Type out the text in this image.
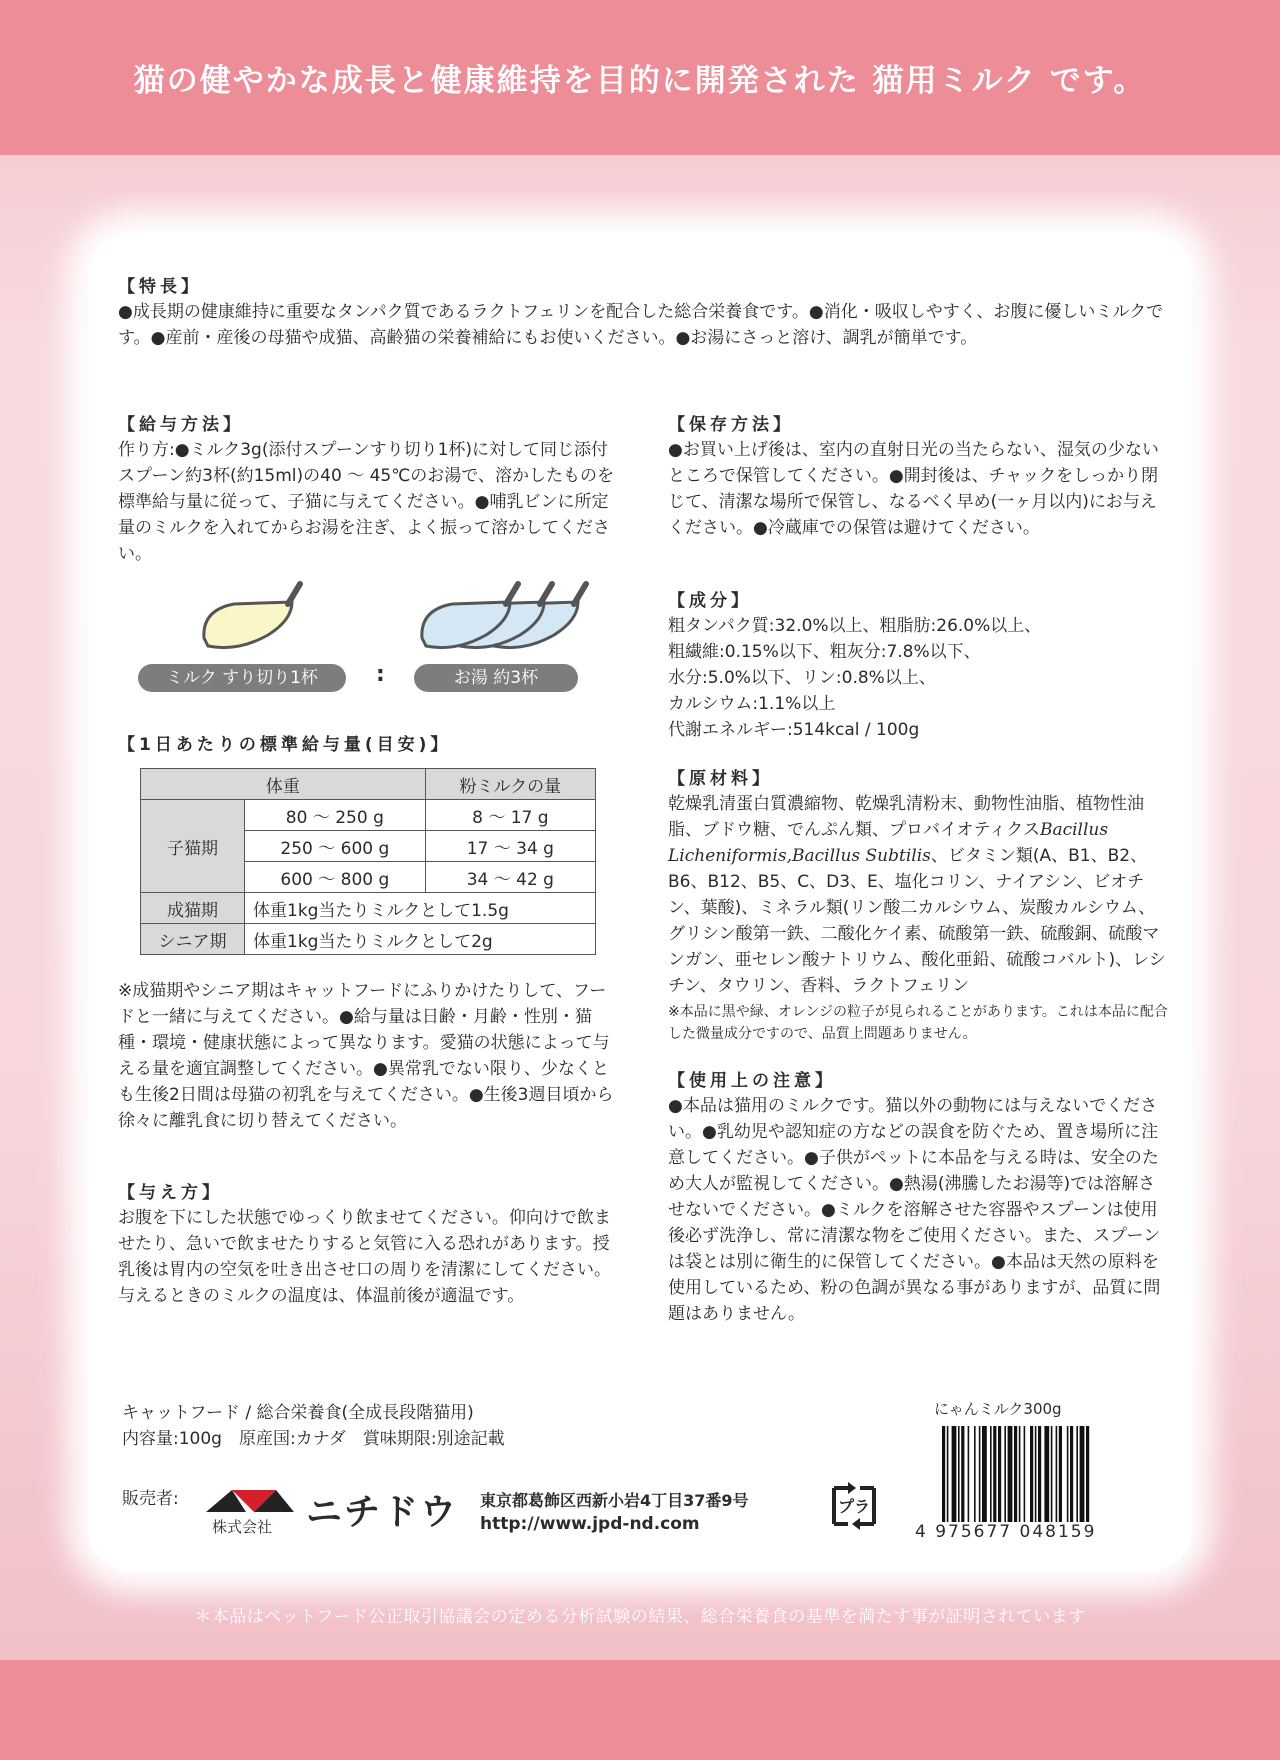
猫の健やかな成長と健康維持を目的に開発された 猫用ミルク です。
【特長】
●成長期の健康維持に重要なタンパク質であるラクトフェリンを配合した総合栄養食です。●消化・吸収しやすく、お腹に優しいミルクです。●産前・産後の母猫や成猫、高齢猫の栄養補給にもお使いください。●お湯にさっと溶け、調乳が簡単です。
【給与方法】
作り方:●ミルク3g(添付スプーンすり切り1杯)に対して同じ添付スプーン約3杯(約15ml)の40 ～ 45℃のお湯で、溶かしたものを標準給与量に従って、子猫に与えてください。●哺乳ビンに所定量のミルクを入れてからお湯を注ぎ、よく振って溶かしてください。
ミルク すり切り1杯	:	お湯 約3杯
【1日あたりの標準給与量(目安)】
体重		粉ミルクの量
子猫期	80 ～ 250 g	8 ～ 17 g
	250 ～ 600 g	17 ～ 34 g
	600 ～ 800 g	34 ～ 42 g
成猫期	体重1kg当たりミルクとして1.5g	
シニア期	体重1kg当たりミルクとして2g	
※成猫期やシニア期はキャットフードにふりかけたりして、フードと一緒に与えてください。●給与量は日齢・月齢・性別・猫種・環境・健康状態によって異なります。愛猫の状態によって与える量を適宜調整してください。●異常乳でない限り、少なくとも生後2日間は母猫の初乳を与えてください。●生後3週目頃から徐々に離乳食に切り替えてください。
【与え方】
お腹を下にした状態でゆっくり飲ませてください。仰向けで飲ませたり、急いで飲ませたりすると気管に入る恐れがあります。授乳後は胃内の空気を吐き出させ口の周りを清潔にしてください。与えるときのミルクの温度は、体温前後が適温です。
【保存方法】
●お買い上げ後は、室内の直射日光の当たらない、湿気の少ないところで保管してください。●開封後は、チャックをしっかり閉じて、清潔な場所で保管し、なるべく早め(一ヶ月以内)にお与えください。●冷蔵庫での保管は避けてください。
【成分】
粗タンパク質:32.0%以上、粗脂肪:26.0%以上、
粗繊維:0.15%以下、粗灰分:7.8%以下、
水分:5.0%以下、リン:0.8%以上、
カルシウム:1.1%以上
代謝エネルギー:514kcal / 100g
【原材料】
乾燥乳清蛋白質濃縮物、乾燥乳清粉末、動物性油脂、植物性油脂、ブドウ糖、でんぷん類、プロバイオティクスBacillus Licheniformis,Bacillus Subtilis、ビタミン類(A、B1、B2、B6、B12、B5、C、D3、E、塩化コリン、ナイアシン、ビオチン、葉酸)、ミネラル類(リン酸二カルシウム、炭酸カルシウム、グリシン酸第一鉄、二酸化ケイ素、硫酸第一鉄、硫酸銅、硫酸マンガン、亜セレン酸ナトリウム、酸化亜鉛、硫酸コバルト)、レシチン、タウリン、香料、ラクトフェリン
※本品に黒や緑、オレンジの粒子が見られることがあります。これは本品に配合した微量成分ですので、品質上問題ありません。
【使用上の注意】
●本品は猫用のミルクです。猫以外の動物には与えないでください。●乳幼児や認知症の方などの誤食を防ぐため、置き場所に注意してください。●子供がペットに本品を与える時は、安全のため大人が監視してください。●熱湯(沸騰したお湯等)では溶解させないでください。●ミルクを溶解させた容器やスプーンは使用後必ず洗浄し、常に清潔な物をご使用ください。また、スプーンは袋とは別に衛生的に保管してください。●本品は天然の原料を使用しているため、粉の色調が異なる事がありますが、品質に問題はありません。
キャットフード / 総合栄養食(全成長段階猫用)
内容量:100g　原産国:カナダ　賞味期限:別途記載
販売者:
株式会社 ニチドウ 東京都葛飾区西新小岩4丁目37番9号
http://www.jpd-nd.com
プラ
にゃんミルク300g
4 975677 048159
＊本品はペットフード公正取引協議会の定める分析試験の結果、総合栄養食の基準を満たす事が証明されています
